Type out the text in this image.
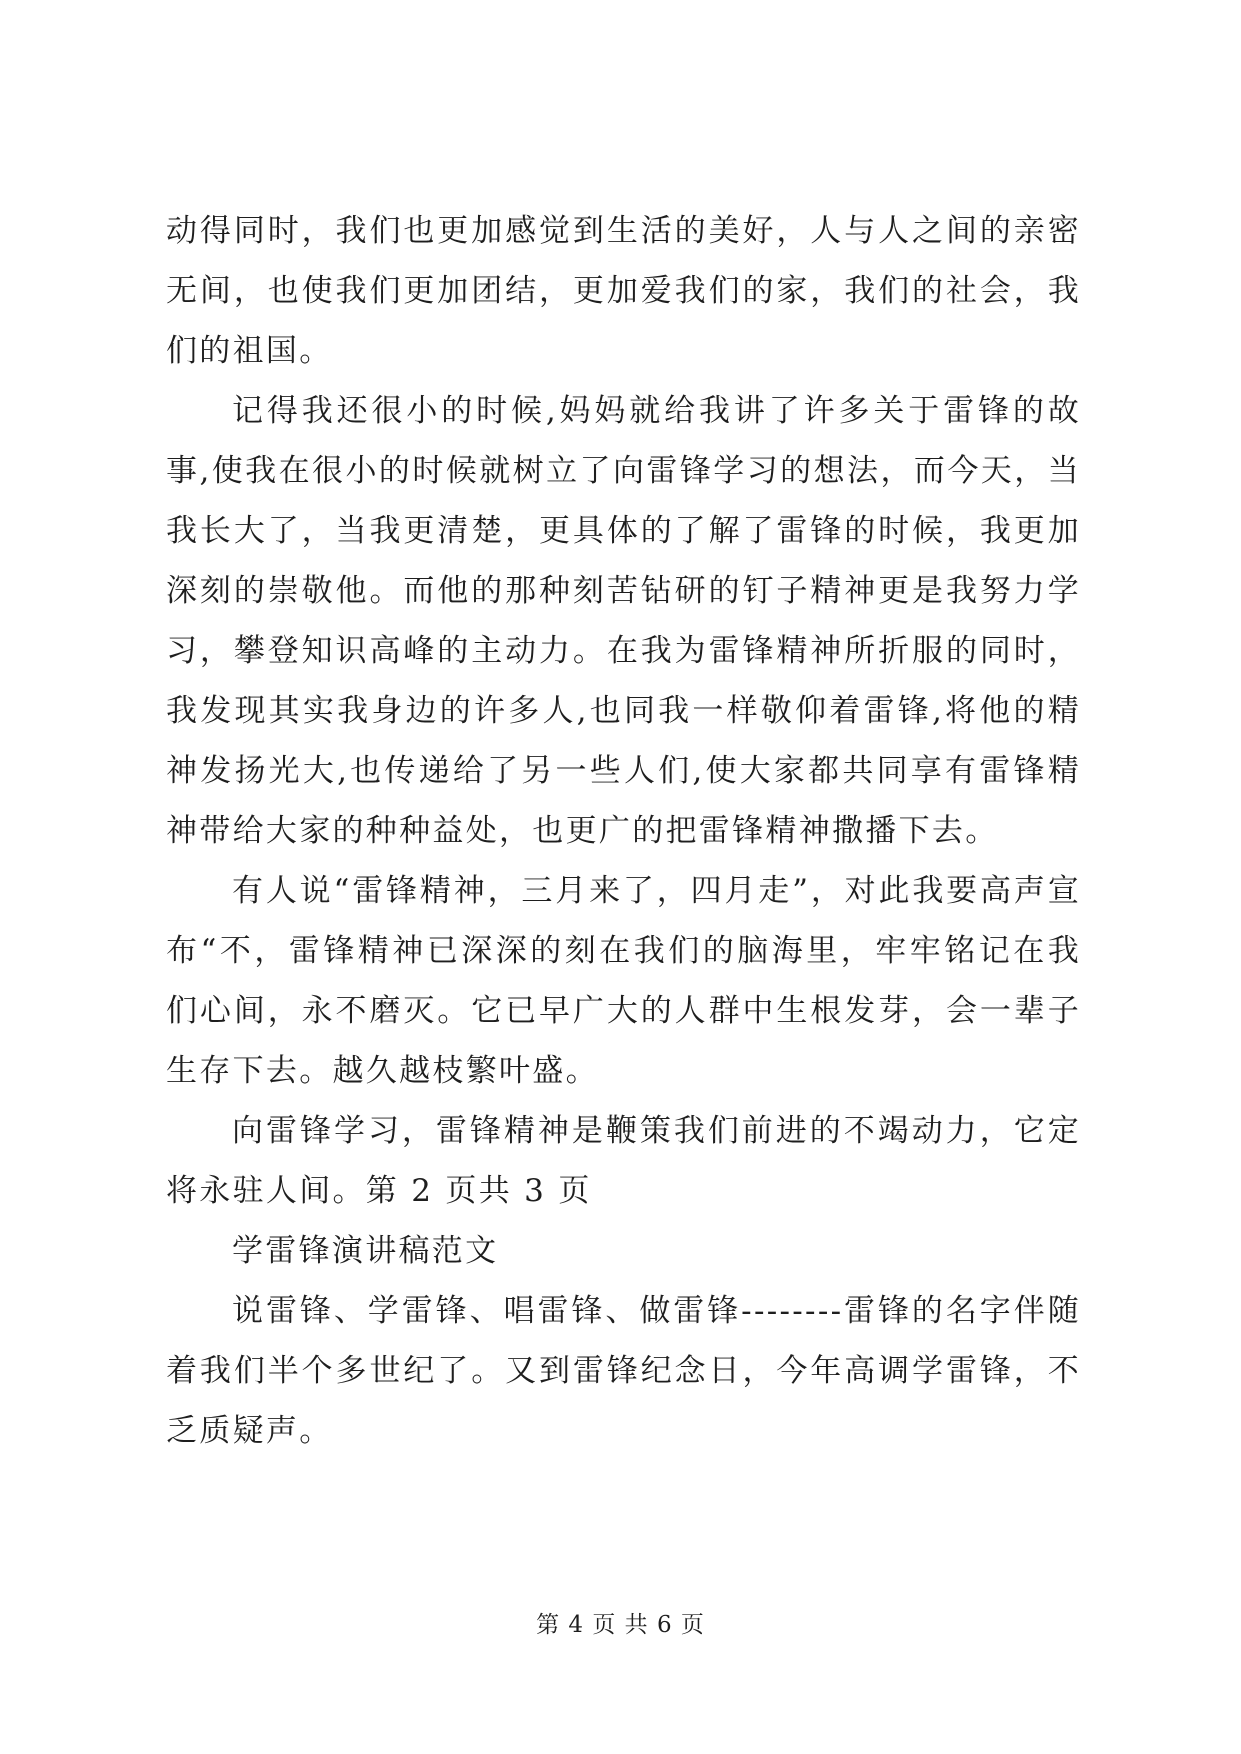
动得同时，我们也更加感觉到生活的美好，人与人之间的亲密无间，也使我们更加团结，更加爱我们的家，我们的社会，我们的祖国。

记得我还很小的时候,妈妈就给我讲了许多关于雷锋的故事,使我在很小的时候就树立了向雷锋学习的想法，而今天，当我长大了，当我更清楚，更具体的了解了雷锋的时候，我更加深刻的崇敬他。而他的那种刻苦钻研的钉子精神更是我努力学习，攀登知识高峰的主动力。在我为雷锋精神所折服的同时，我发现其实我身边的许多人,也同我一样敬仰着雷锋,将他的精神发扬光大,也传递给了另一些人们,使大家都共同享有雷锋精神带给大家的种种益处，也更广的把雷锋精神撒播下去。

有人说“雷锋精神，三月来了，四月走”，对此我要高声宣布“不，雷锋精神已深深的刻在我们的脑海里，牢牢铭记在我们心间，永不磨灭。它已早广大的人群中生根发芽，会一辈子生存下去。越久越枝繁叶盛。

向雷锋学习，雷锋精神是鞭策我们前进的不竭动力，它定将永驻人间。第 2 页共 3 页

学雷锋演讲稿范文

说雷锋、学雷锋、唱雷锋、做雷锋--------雷锋的名字伴随着我们半个多世纪了。又到雷锋纪念日，今年高调学雷锋，不乏质疑声。

第 4 页 共 6 页
